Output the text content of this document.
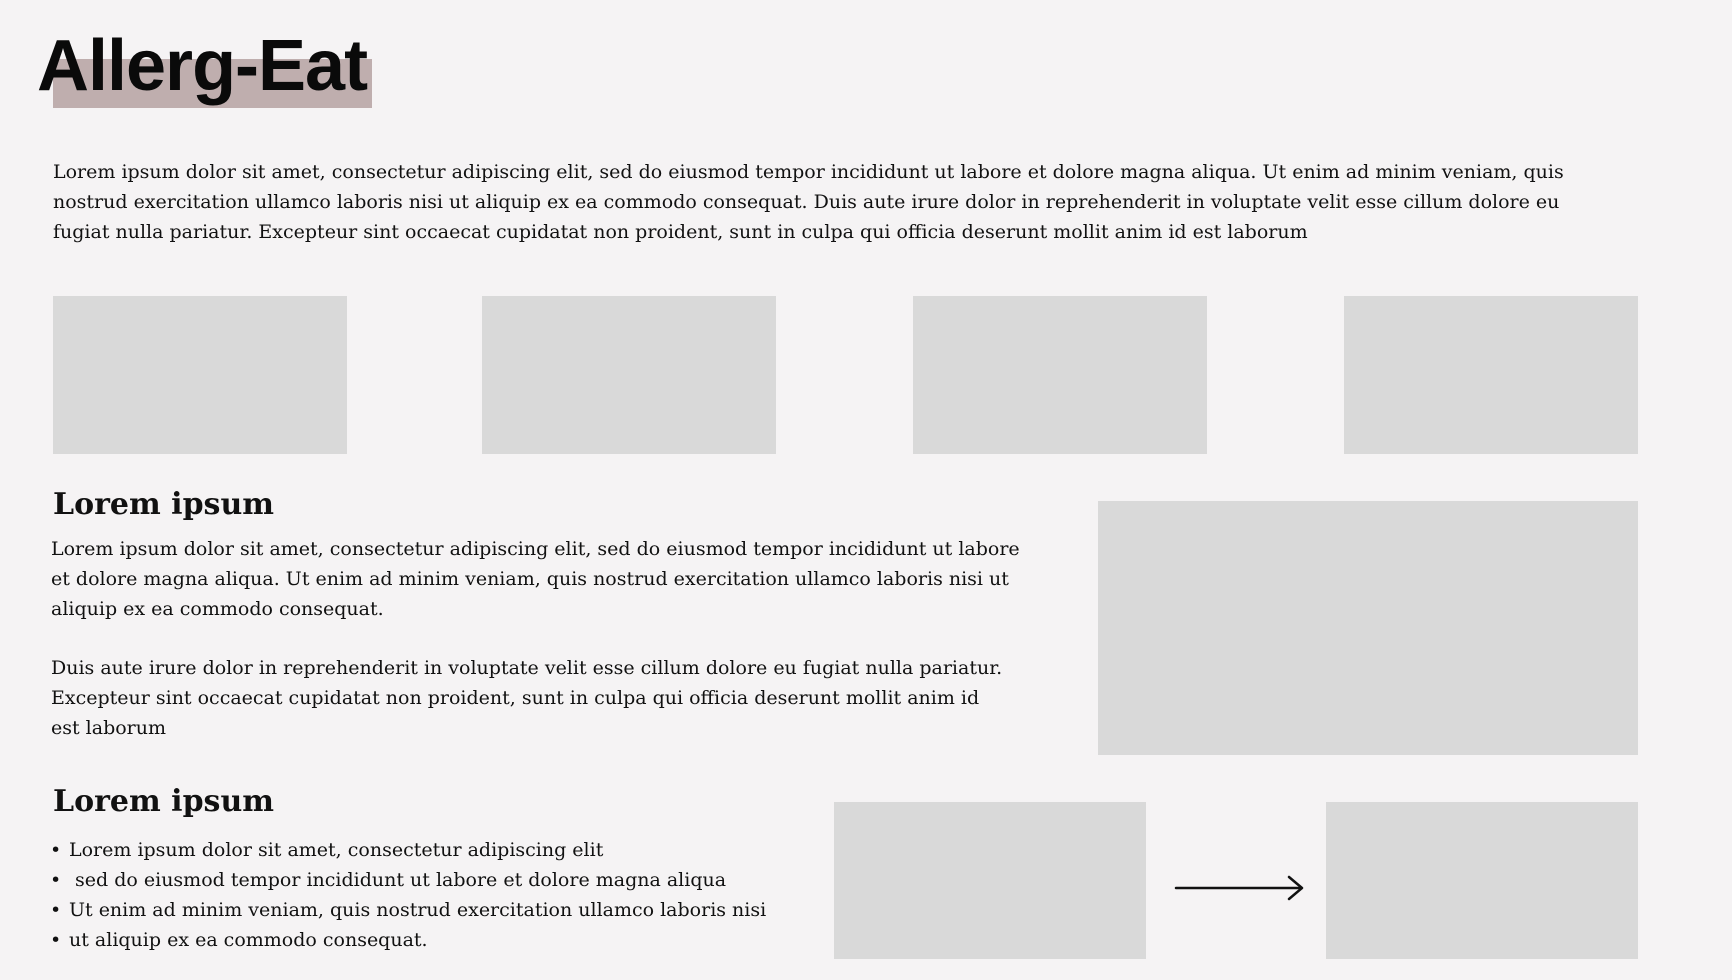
Allerg-Eat

Lorem ipsum dolor sit amet, consectetur adipiscing elit, sed do eiusmod tempor incididunt ut labore et dolore magna aliqua. Ut enim ad minim veniam, quis nostrud exercitation ullamco laboris nisi ut aliquip ex ea commodo consequat. Duis aute irure dolor in reprehenderit in voluptate velit esse cillum dolore eu fugiat nulla pariatur. Excepteur sint occaecat cupidatat non proident, sunt in culpa qui officia deserunt mollit anim id est laborum

Lorem ipsum

Lorem ipsum dolor sit amet, consectetur adipiscing elit, sed do eiusmod tempor incididunt ut labore et dolore magna aliqua. Ut enim ad minim veniam, quis nostrud exercitation ullamco laboris nisi ut aliquip ex ea commodo consequat.

Duis aute irure dolor in reprehenderit in voluptate velit esse cillum dolore eu fugiat nulla pariatur. Excepteur sint occaecat cupidatat non proident, sunt in culpa qui officia deserunt mollit anim id est laborum

Lorem ipsum
• Lorem ipsum dolor sit amet, consectetur adipiscing elit
•  sed do eiusmod tempor incididunt ut labore et dolore magna aliqua
• Ut enim ad minim veniam, quis nostrud exercitation ullamco laboris nisi
• ut aliquip ex ea commodo consequat.
